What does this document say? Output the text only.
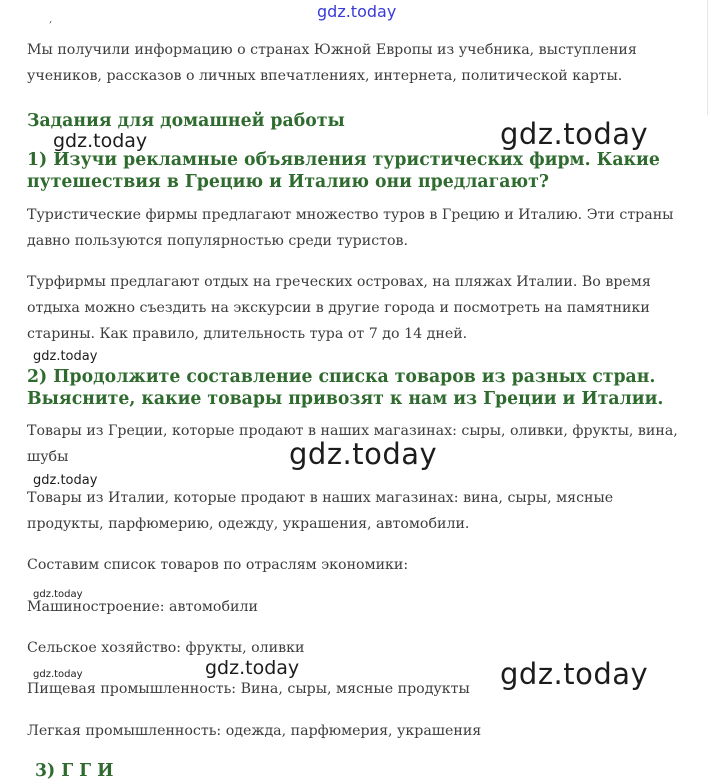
‚

Мы получили информацию о странах Южной Европы из учебника, выступления учеников, рассказов о личных впечатлениях, интернета, политической карты.

Задания для домашней работы
1) Изучи рекламные объявления туристических фирм. Какие путешествия в Грецию и Италию они предлагают?

Туристические фирмы предлагают множество туров в Грецию и Италию. Эти страны давно пользуются популярностью среди туристов.

Турфирмы предлагают отдых на греческих островах, на пляжах Италии. Во время отдыха можно съездить на экскурсии в другие города и посмотреть на памятники старины. Как правило, длительность тура от 7 до 14 дней.

2) Продолжите составление списка товаров из разных стран. Выясните, какие товары привозят к нам из Греции и Италии.

Товары из Греции, которые продают в наших магазинах: сыры, оливки, фрукты, вина, шубы

Товары из Италии, которые продают в наших магазинах: вина, сыры, мясные продукты, парфюмерию, одежду, украшения, автомобили.

Составим список товаров по отраслям экономики:

Машиностроение: автомобили

Сельское хозяйство: фрукты, оливки

Пищевая промышленность: Вина, сыры, мясные продукты

Легкая промышленность: одежда, парфюмерия, украшения

3) Г Г И
gdz.today
gdz.today	gdz.today
gdz.today
gdz.today
gdz.today
gdz.today
gdz.today	gdz.today
gdz.today
